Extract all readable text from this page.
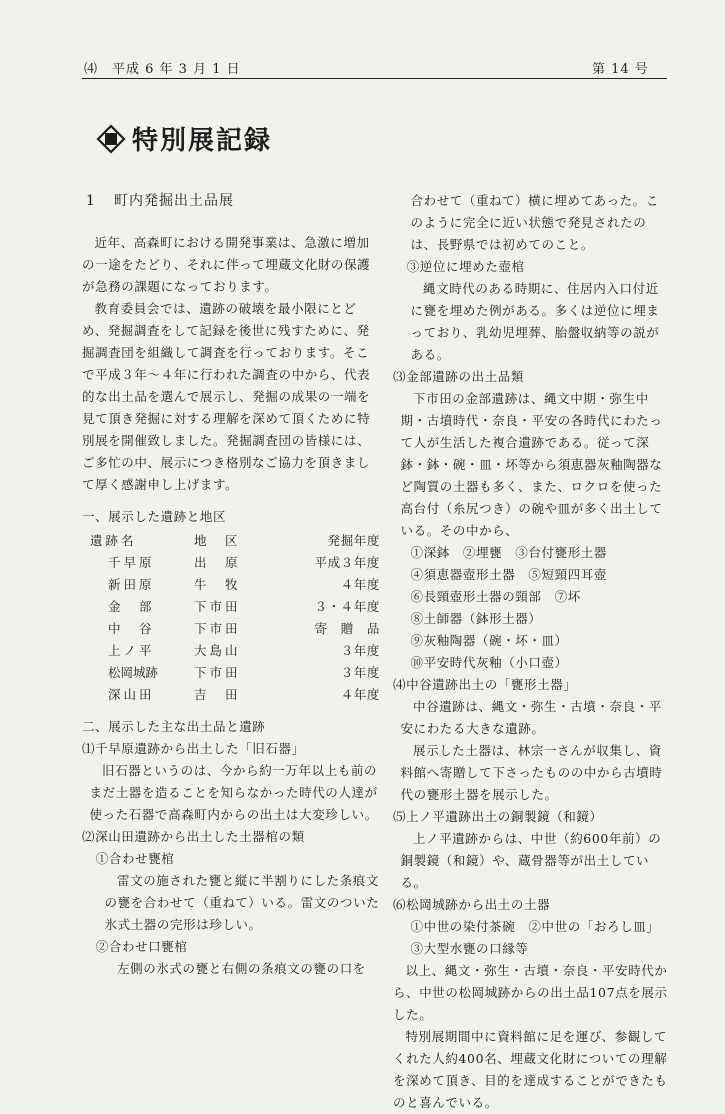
⑷　平成 6 年 3 月 1 日	第 14 号
特別展記録
1 町内発掘出土品展

近年、高森町における開発事業は、急激に増加の一途をたどり、それに伴って埋蔵文化財の保護が急務の課題になっております。

教育委員会では、遺跡の破壊を最小限にとどめ、発掘調査をして記録を後世に残すために、発掘調査団を組織して調査を行っております。そこで平成３年〜４年に行われた調査の中から、代表的な出土品を選んで展示し、発掘の成果の一端を見て頂き発掘に対する理解を深めて頂くために特別展を開催致しました。発掘調査団の皆様には、ご多忙の中、展示につき格別なご協力を頂きまして厚く感謝申し上げます。

一、展示した遺跡と地区

遺跡名	地　区	発掘年度
千早原	出　原	平成３年度
新田原	牛　牧	４年度
金　部	下市田	３・４年度
中　谷	下市田	寄　贈　品
上ノ平	大島山	３年度
松岡城跡	下市田	３年度
深山田	吉　田	４年度

二、展示した主な出土品と遺跡

⑴千早原遺跡から出土した「旧石器」

旧石器というのは、今から約一万年以上も前のまだ土器を造ることを知らなかった時代の人達が使った石器で高森町内からの出土は大変珍しい。

⑵深山田遺跡から出土した土器棺の類

①合わせ甕棺

雷文の施された甕と縦に半割りにした条痕文の甕を合わせて（重ねて）いる。雷文のついた氷式土器の完形は珍しい。

②合わせ口甕棺

左側の氷式の甕と右側の条痕文の甕の口を

合わせて（重ねて）横に埋めてあった。このように完全に近い状態で発見されたのは、長野県では初めてのこと。

③逆位に埋めた壺棺

縄文時代のある時期に、住居内入口付近に甕を埋めた例がある。多くは逆位に埋まっており、乳幼児埋葬、胎盤収納等の説がある。

⑶金部遺跡の出土品類

下市田の金部遺跡は、縄文中期・弥生中期・古墳時代・奈良・平安の各時代にわたって人が生活した複合遺跡である。従って深鉢・鉢・碗・皿・坏等から須恵器灰釉陶器など陶質の土器も多く、また、ロクロを使った高台付（糸尻つき）の碗や皿が多く出土している。その中から、

①深鉢　②埋甕　③台付甕形土器

④須恵器壺形土器　⑤短頸四耳壺

⑥長頸壺形土器の頸部　⑦坏

⑧土師器（鉢形土器）

⑨灰釉陶器（碗・坏・皿）

⑩平安時代灰釉（小口壺）

⑷中谷遺跡出土の「甕形土器」

中谷遺跡は、縄文・弥生・古墳・奈良・平安にわたる大きな遺跡。

展示した土器は、林宗一さんが収集し、資料館へ寄贈して下さったものの中から古墳時代の甕形土器を展示した。

⑸上ノ平遺跡出土の銅製鏡（和鏡）

上ノ平遺跡からは、中世（約600年前）の銅製鏡（和鏡）や、蔵骨器等が出土している。

⑹松岡城跡から出土の土器

①中世の染付茶碗　②中世の「おろし皿」

③大型水甕の口縁等

以上、縄文・弥生・古墳・奈良・平安時代から、中世の松岡城跡からの出土品107点を展示した。

特別展期間中に資料館に足を運び、参観してくれた人約400名、埋蔵文化財についての理解を深めて頂き、目的を達成することができたものと喜んでいる。
